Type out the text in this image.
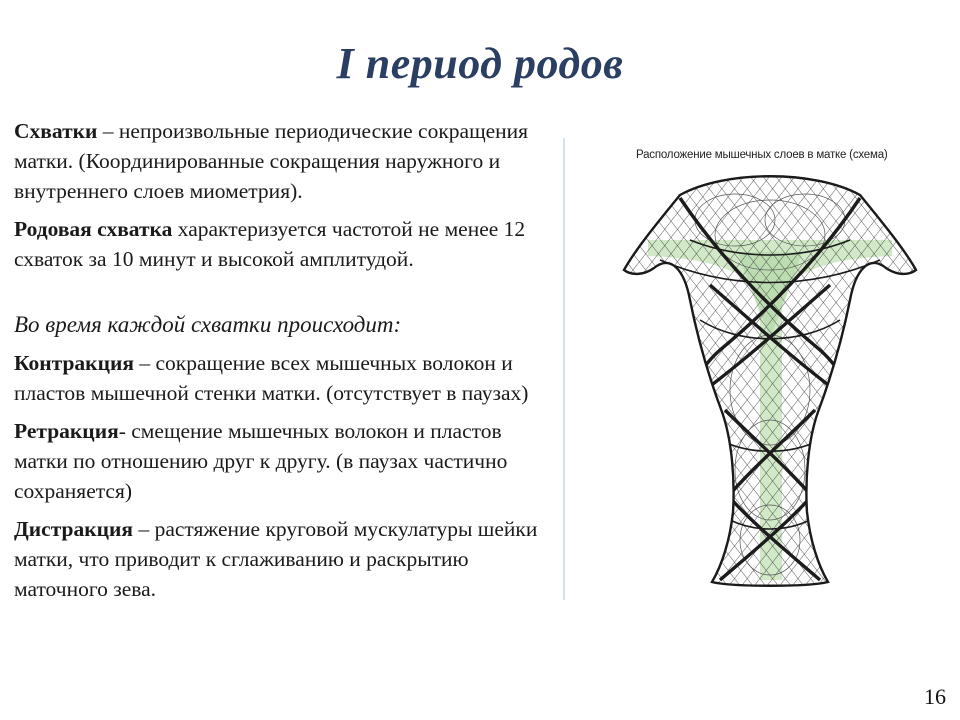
I период родов

Схватки – непроизвольные периодические сокращения матки. (Координированные сокращения наружного и внутреннего слоев миометрия).

Родовая схватка характеризуется частотой не менее 12 схваток за 10 минут и высокой амплитудой.

Во время каждой схватки происходит:

Контракция – сокращение всех мышечных волокон и пластов мышечной стенки матки. (отсутствует в паузах)

Ретракция- смещение мышечных волокон и пластов матки по отношению друг к другу. (в паузах частично сохраняется)

Дистракция – растяжение круговой мускулатуры шейки матки, что приводит к сглаживанию и раскрытию маточного зева.

Расположение мышечных слоев в матке (схема)
16
